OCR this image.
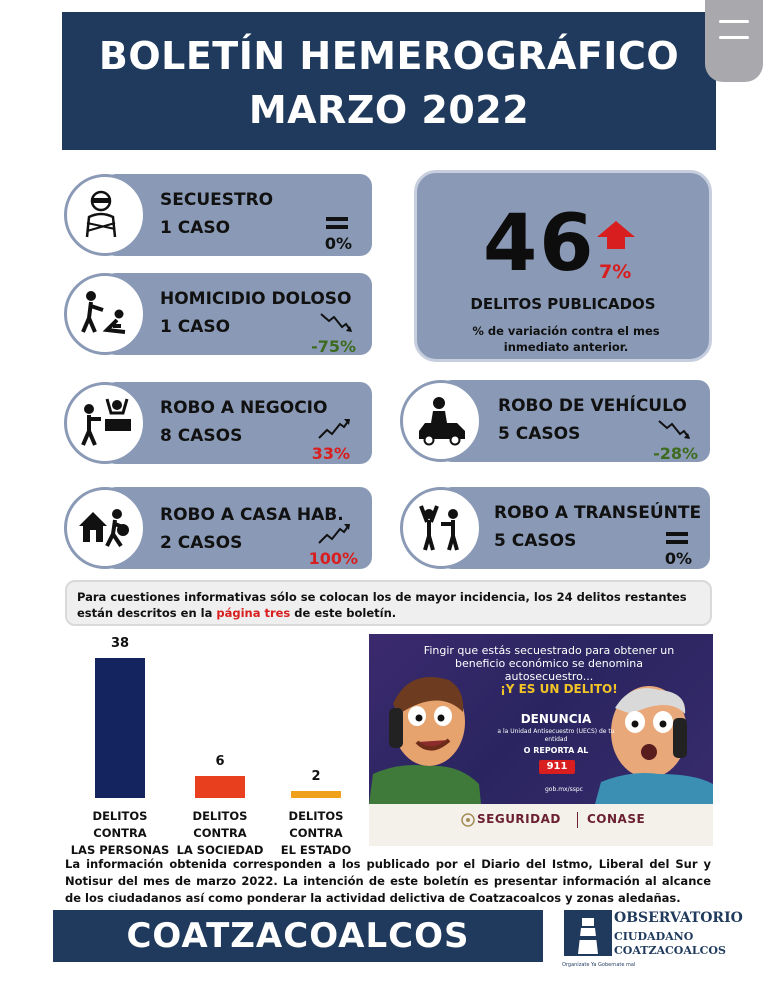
BOLETÍN HEMEROGRÁFICO
MARZO 2022
SECUESTRO
1 CASO
0%
HOMICIDIO DOLOSO
1 CASO
-75%
ROBO A NEGOCIO
8 CASOS
33%
ROBO DE VEHÍCULO
5 CASOS
-28%
ROBO A CASA HAB.
2 CASOS
100%
ROBO A TRANSEÚNTE
5 CASOS
0%
46 7%
DELITOS PUBLICADOS
% de variación contra el mes inmediato anterior.
Para cuestiones informativas sólo se colocan los de mayor incidencia, los 24 delitos restantes están descritos en la página tres de este boletín.
38
DELITOS CONTRA
LAS PERSONAS
6
DELITOS CONTRA
LA SOCIEDAD
2
DELITOS CONTRA
EL ESTADO
Fingir que estás secuestrado para obtener un beneficio económico se denomina autosecuestro...
¡Y ES UN DELITO!
DENUNCIA
a la Unidad Antisecuestro (UECS) de tu entidad
O REPORTA AL
911
gob.mx/sspc
SEGURIDAD CONASE
La información obtenida corresponden a los publicado por el Diario del Istmo, Liberal del Sur y Notisur del mes de marzo 2022. La intención de este boletín es presentar información al alcance de los ciudadanos así como ponderar la actividad delictiva de Coatzacoalcos y zonas aledañas.
COATZACOALCOS	OBSERVATORIO
CIUDADANO
COATZACOALCOS
Organízate Ya Gobernate mal
